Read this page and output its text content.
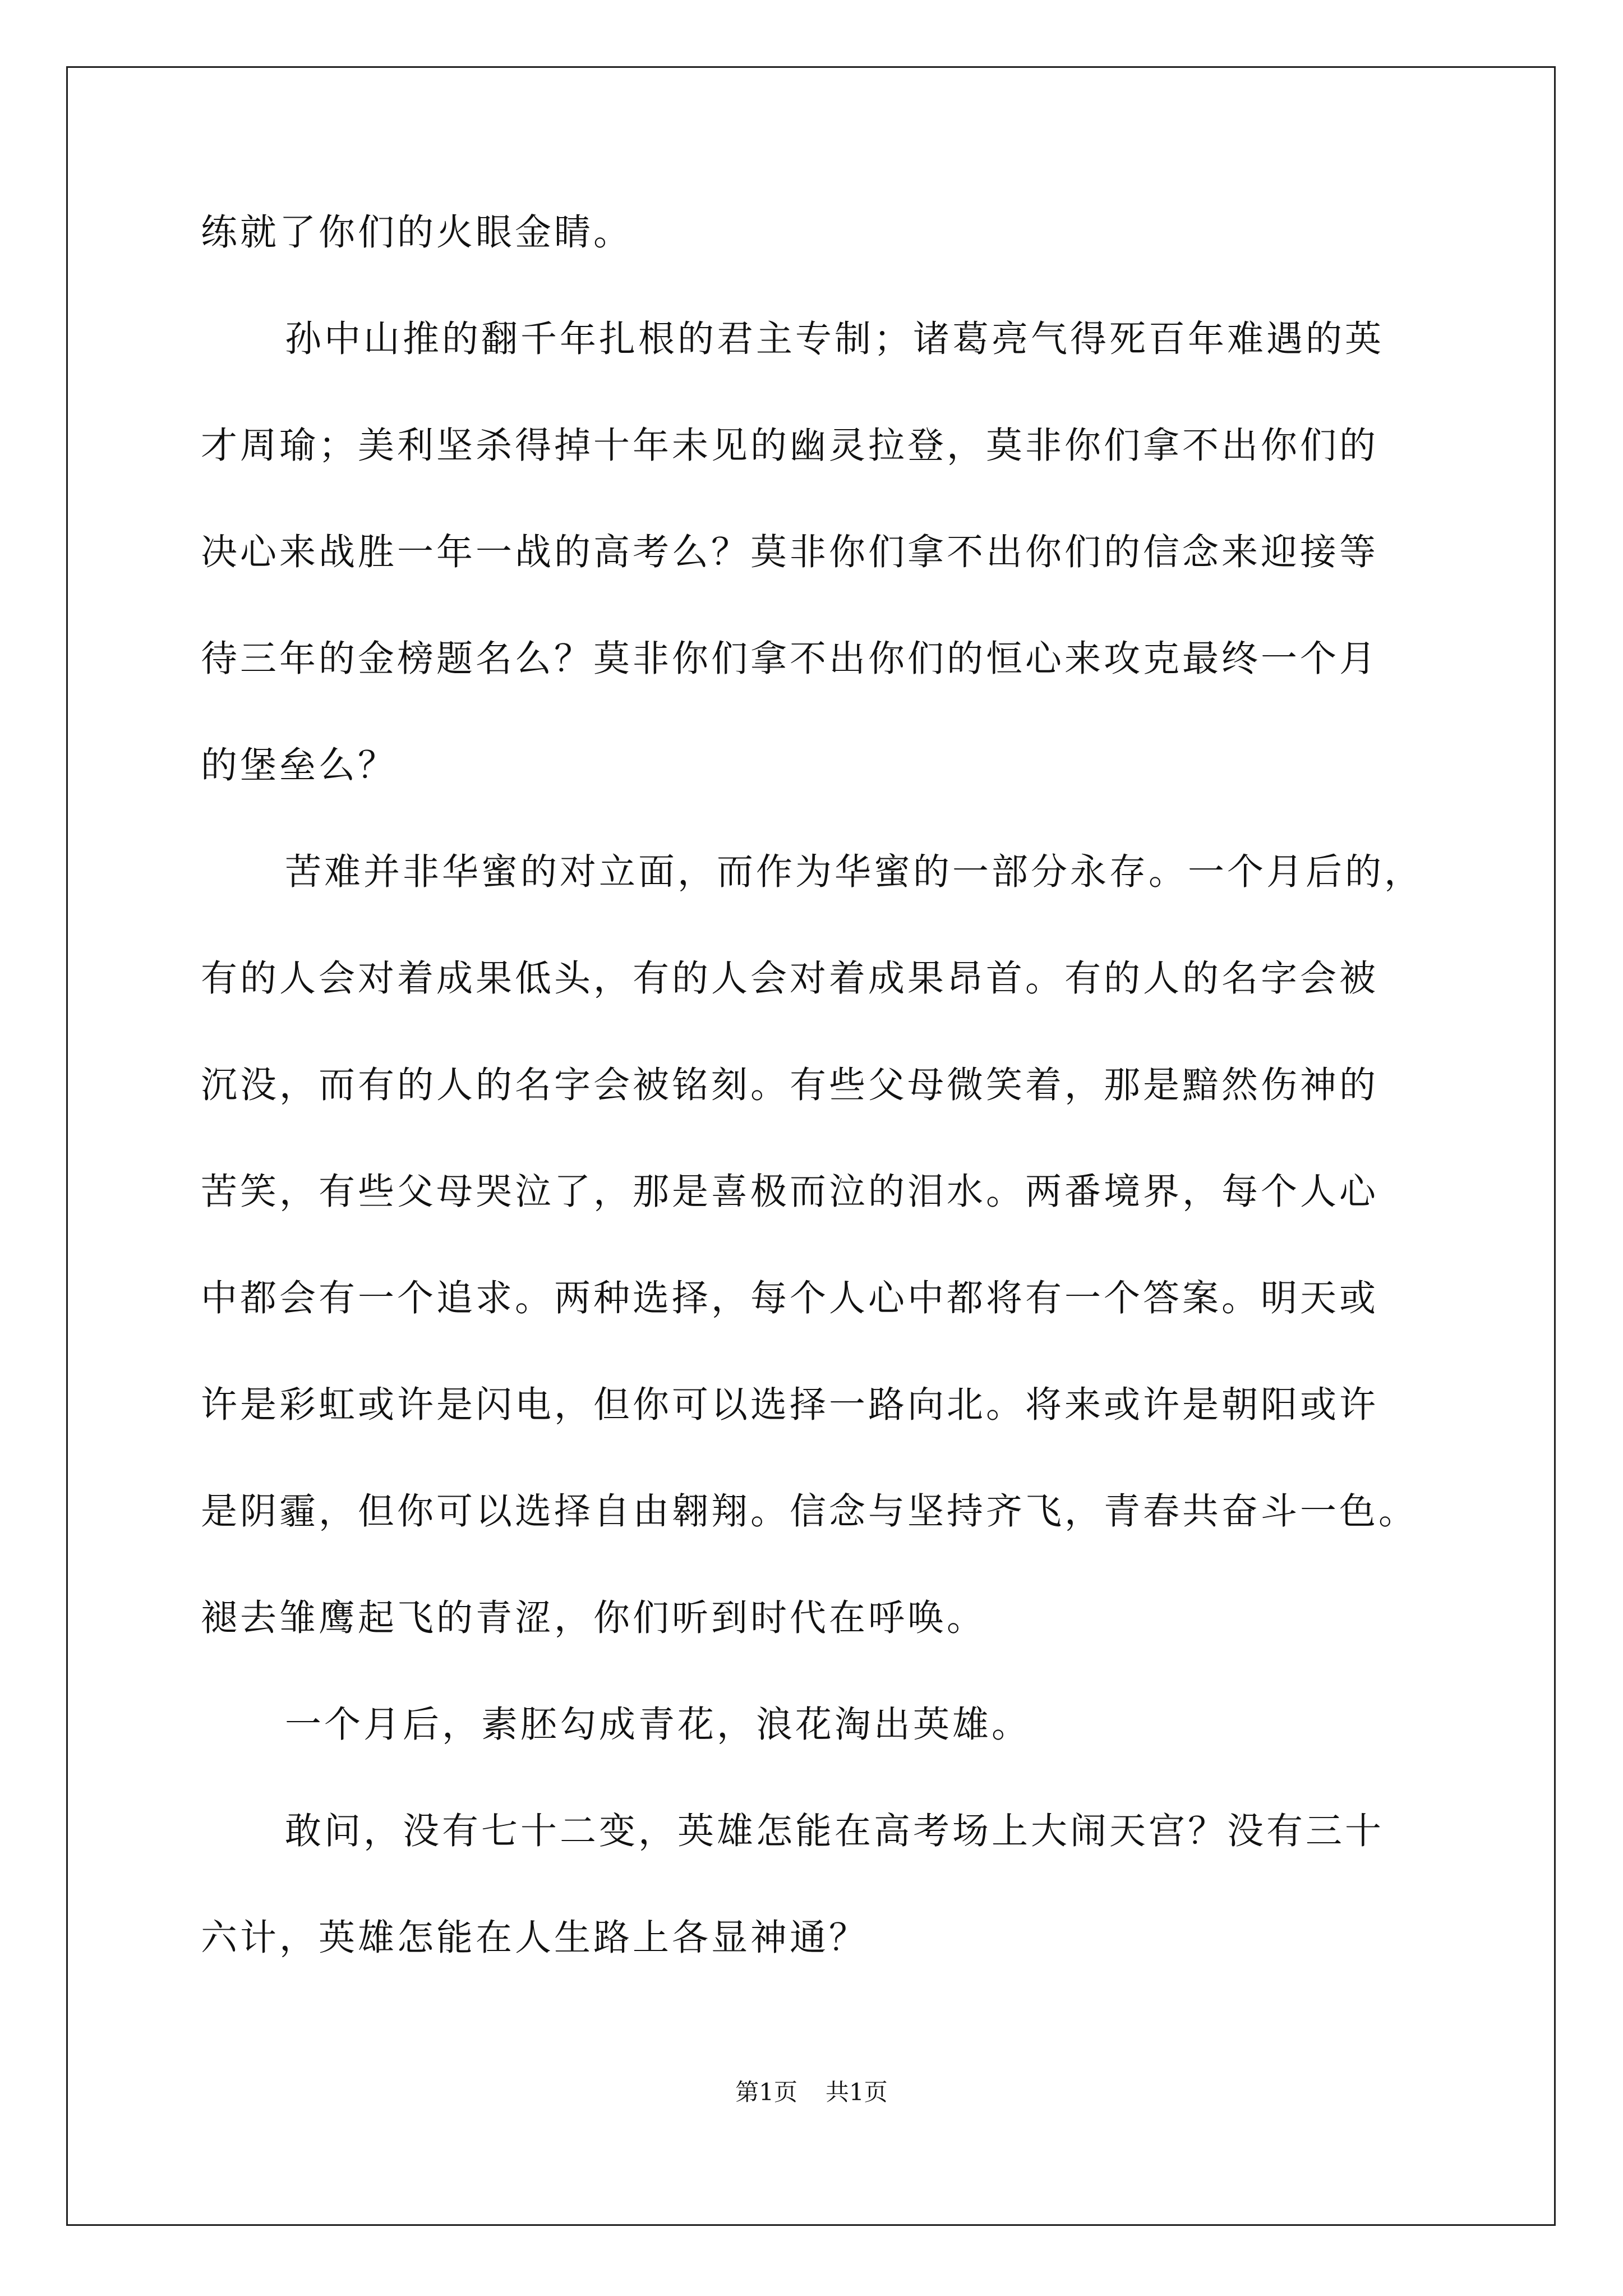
练就了你们的火眼金睛。

孙中山推的翻千年扎根的君主专制；诸葛亮气得死百年难遇的英

才周瑜；美利坚杀得掉十年未见的幽灵拉登，莫非你们拿不出你们的

决心来战胜一年一战的高考么？莫非你们拿不出你们的信念来迎接等

待三年的金榜题名么？莫非你们拿不出你们的恒心来攻克最终一个月

的堡垒么？

苦难并非华蜜的对立面，而作为华蜜的一部分永存。一个月后的，

有的人会对着成果低头，有的人会对着成果昂首。有的人的名字会被

沉没，而有的人的名字会被铭刻。有些父母微笑着，那是黯然伤神的

苦笑，有些父母哭泣了，那是喜极而泣的泪水。两番境界，每个人心

中都会有一个追求。两种选择，每个人心中都将有一个答案。明天或

许是彩虹或许是闪电，但你可以选择一路向北。将来或许是朝阳或许

是阴霾，但你可以选择自由翱翔。信念与坚持齐飞，青春共奋斗一色。

褪去雏鹰起飞的青涩，你们听到时代在呼唤。

一个月后，素胚勾成青花，浪花淘出英雄。

敢问，没有七十二变，英雄怎能在高考场上大闹天宫？没有三十

六计，英雄怎能在人生路上各显神通？

第1页 共1页
